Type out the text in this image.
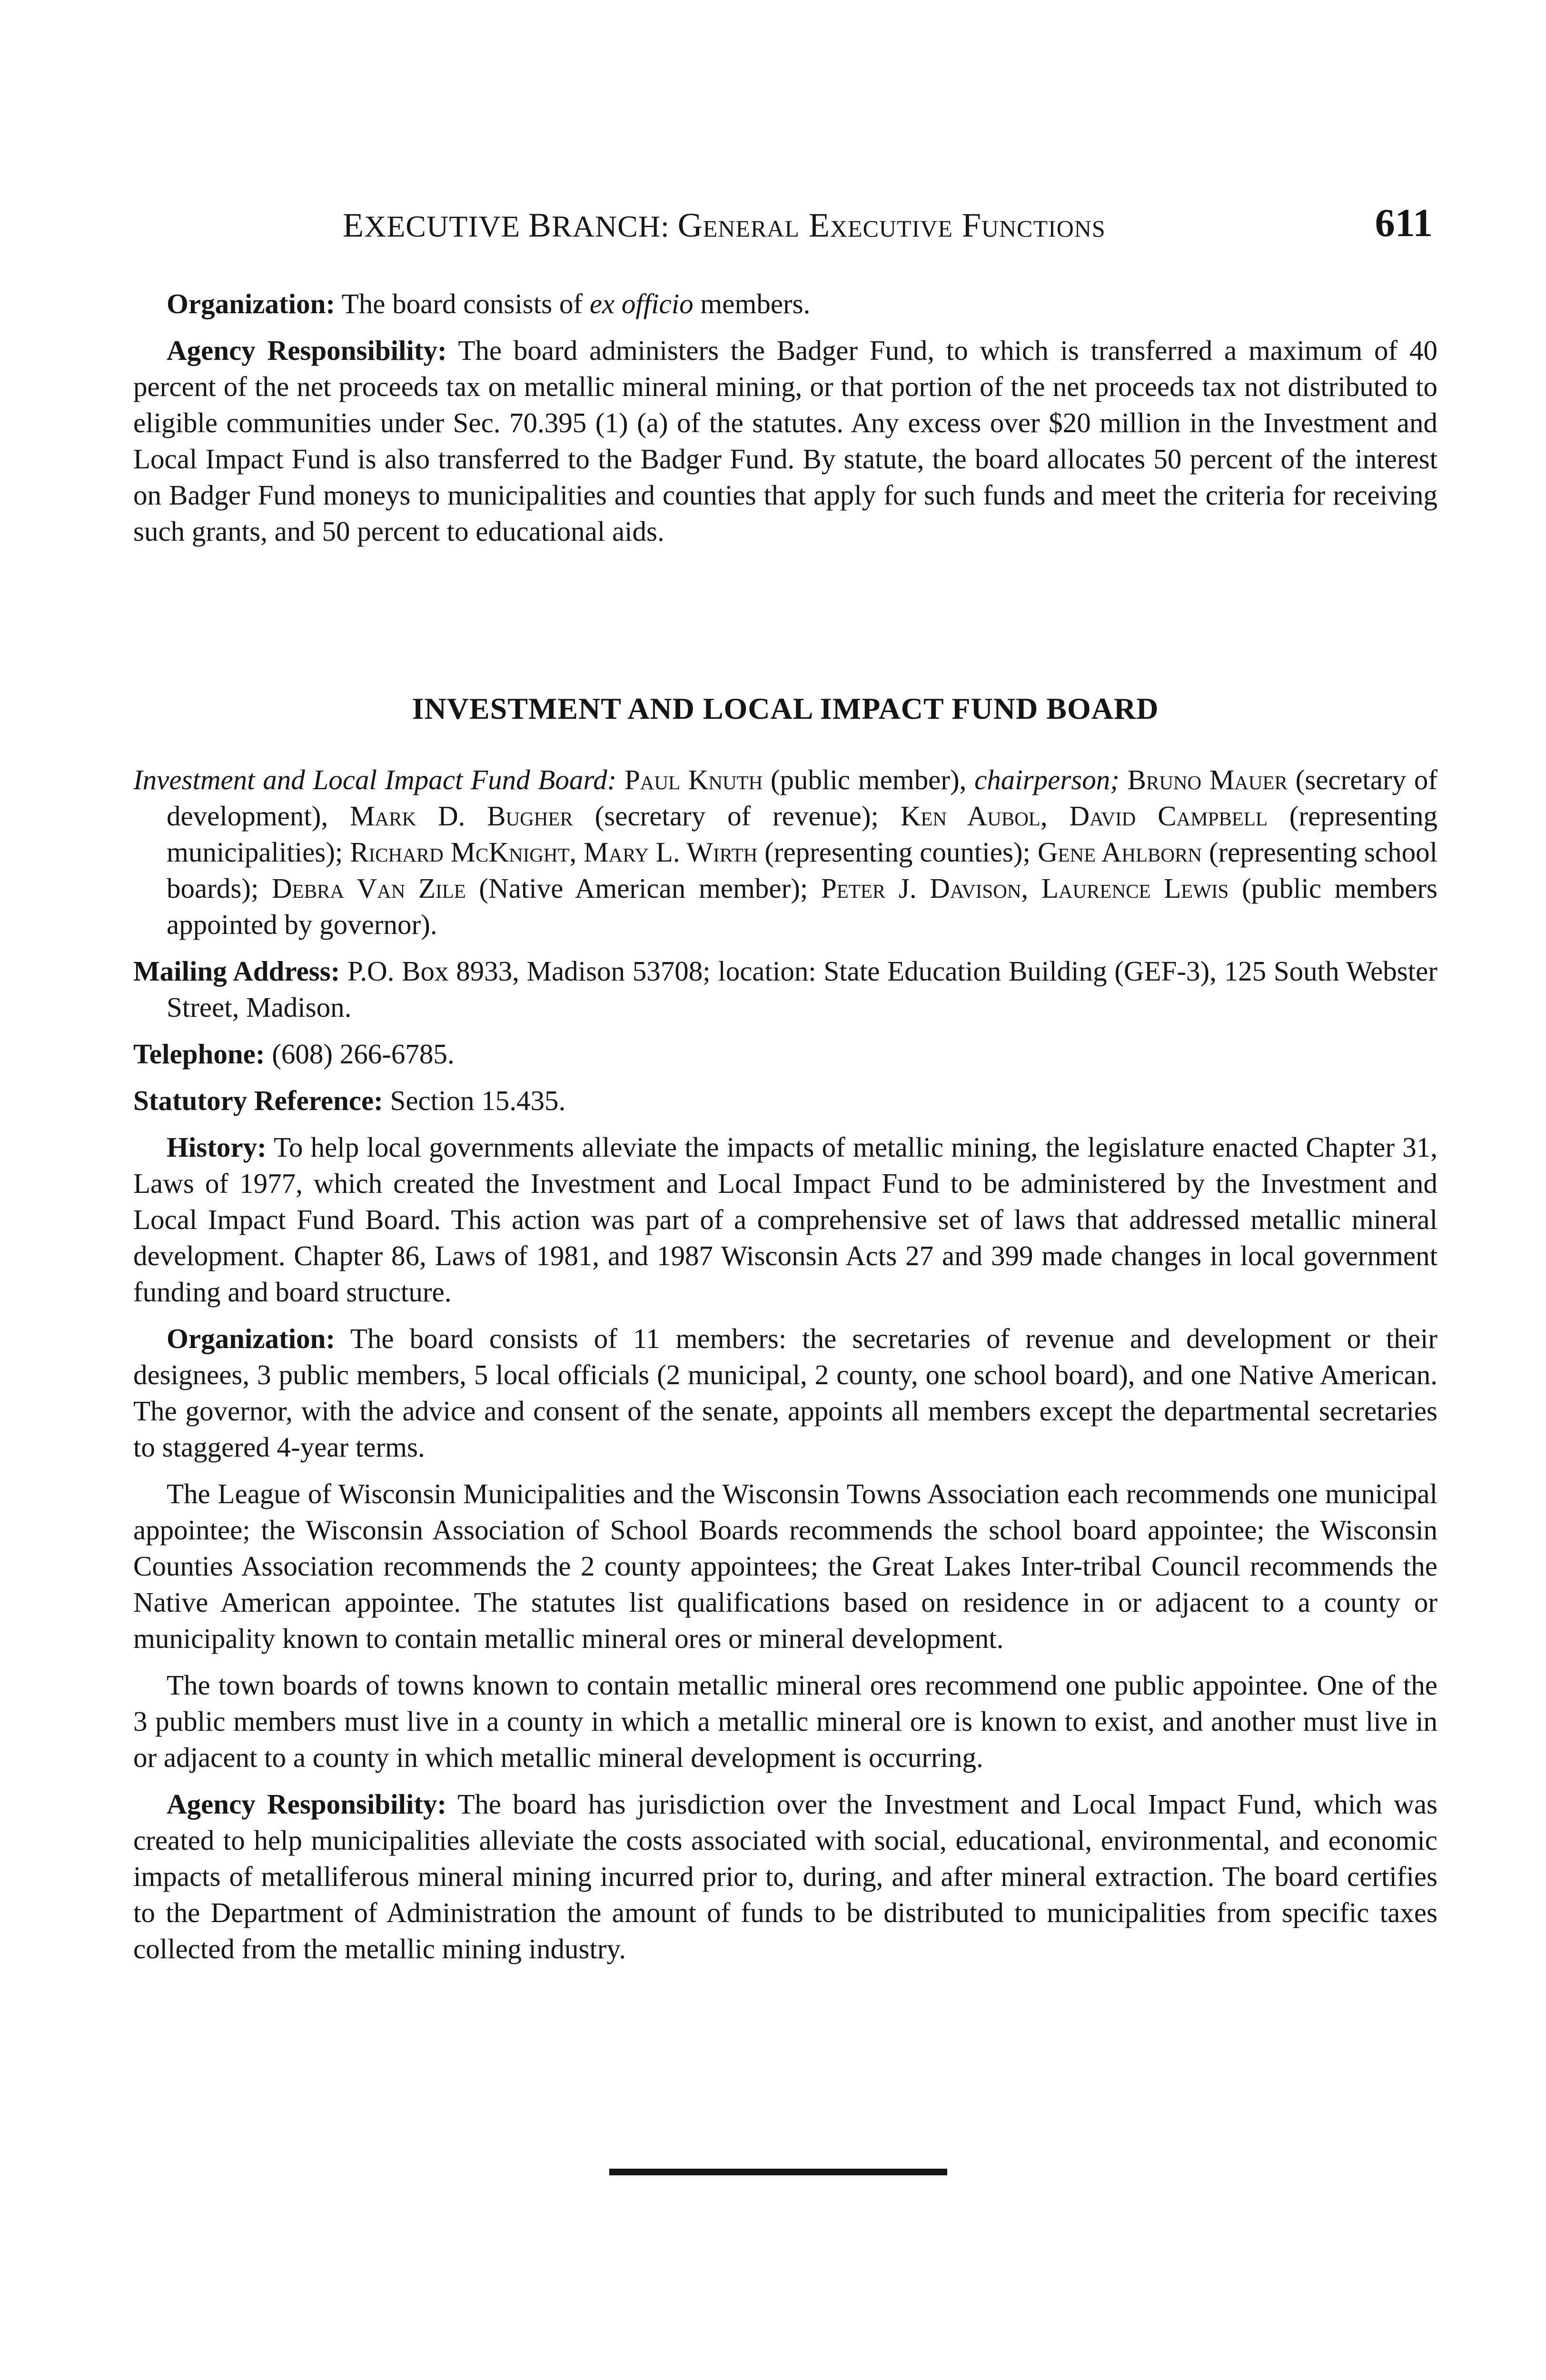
EXECUTIVE BRANCH: General Executive Functions	611

Organization: The board consists of ex officio members.

Agency Responsibility: The board administers the Badger Fund, to which is transferred a maximum of 40 percent of the net proceeds tax on metallic mineral mining, or that portion of the net proceeds tax not distributed to eligible communities under Sec. 70.395 (1) (a) of the statutes. Any excess over $20 million in the Investment and Local Impact Fund is also transferred to the Badger Fund. By statute, the board allocates 50 percent of the interest on Badger Fund moneys to municipalities and counties that apply for such funds and meet the criteria for receiving such grants, and 50 percent to educational aids.

INVESTMENT AND LOCAL IMPACT FUND BOARD

Investment and Local Impact Fund Board: Paul Knuth (public member), chairperson; Bruno Mauer (secretary of development), Mark D. Bugher (secretary of revenue); Ken Aubol, David Campbell (representing municipalities); Richard McKnight, Mary L. Wirth (representing counties); Gene Ahlborn (representing school boards); Debra Van Zile (Native American member); Peter J. Davison, Laurence Lewis (public members appointed by governor).

Mailing Address: P.O. Box 8933, Madison 53708; location: State Education Building (GEF-3), 125 South Webster Street, Madison.

Telephone: (608) 266-6785.

Statutory Reference: Section 15.435.

History: To help local governments alleviate the impacts of metallic mining, the legislature enacted Chapter 31, Laws of 1977, which created the Investment and Local Impact Fund to be administered by the Investment and Local Impact Fund Board. This action was part of a comprehensive set of laws that addressed metallic mineral development. Chapter 86, Laws of 1981, and 1987 Wisconsin Acts 27 and 399 made changes in local government funding and board structure.

Organization: The board consists of 11 members: the secretaries of revenue and development or their designees, 3 public members, 5 local officials (2 municipal, 2 county, one school board), and one Native American. The governor, with the advice and consent of the senate, appoints all members except the departmental secretaries to staggered 4-year terms.

The League of Wisconsin Municipalities and the Wisconsin Towns Association each recommends one municipal appointee; the Wisconsin Association of School Boards recommends the school board appointee; the Wisconsin Counties Association recommends the 2 county appointees; the Great Lakes Inter-tribal Council recommends the Native American appointee. The statutes list qualifications based on residence in or adjacent to a county or municipality known to contain metallic mineral ores or mineral development.

The town boards of towns known to contain metallic mineral ores recommend one public appointee. One of the 3 public members must live in a county in which a metallic mineral ore is known to exist, and another must live in or adjacent to a county in which metallic mineral development is occurring.

Agency Responsibility: The board has jurisdiction over the Investment and Local Impact Fund, which was created to help municipalities alleviate the costs associated with social, educational, environmental, and economic impacts of metalliferous mineral mining incurred prior to, during, and after mineral extraction. The board certifies to the Department of Administration the amount of funds to be distributed to municipalities from specific taxes collected from the metallic mining industry.
